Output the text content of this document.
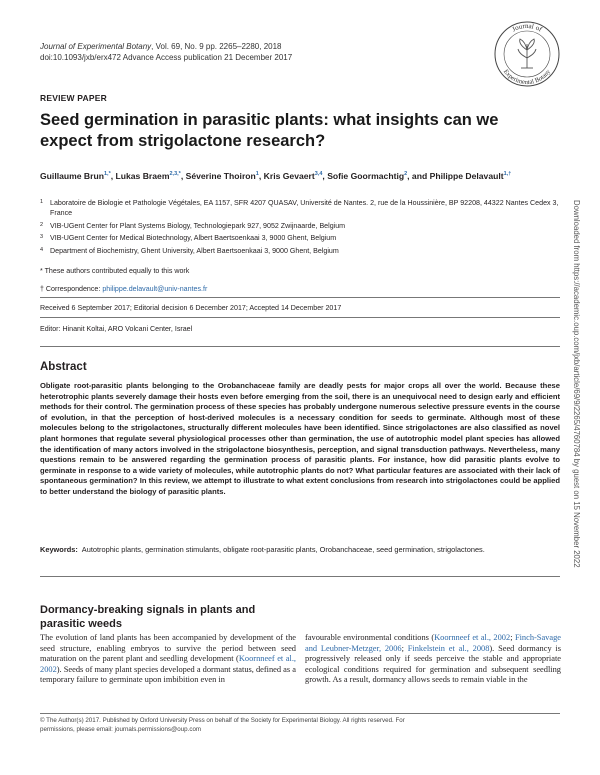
Journal of Experimental Botany, Vol. 69, No. 9 pp. 2265–2280, 2018
doi:10.1093/jxb/erx472 Advance Access publication 21 December 2017
Journal of
Experimental Botany
REVIEW PAPER
Seed germination in parasitic plants: what insights can we expect from strigolactone research?
Guillaume Brun$^{1,*}$, Lukas Braem$^{2,3,*}$, Séverine Thoiron$^1$, Kris Gevaert$^{3,4}$, Sofie Goormachtig$^2$, and Philippe Delavault$^{1,\dagger}$
1 Laboratoire de Biologie et Pathologie Végétales, EA 1157, SFR 4207 QUASAV, Université de Nantes. 2, rue de la Houssinière, BP 92208, 44322 Nantes Cedex 3, France
2 VIB-UGent Center for Plant Systems Biology, Technologiepark 927, 9052 Zwijnaarde, Belgium
3 VIB-UGent Center for Medical Biotechnology, Albert Baertsoenkaai 3, 9000 Ghent, Belgium
4 Department of Biochemistry, Ghent University, Albert Baertsoenkaai 3, 9000 Ghent, Belgium
* These authors contributed equally to this work
† Correspondence: philippe.delavault@univ-nantes.fr
Received 6 September 2017; Editorial decision 6 December 2017; Accepted 14 December 2017
Editor: Hinanit Koltai, ARO Volcani Center, Israel
Abstract
Obligate root-parasitic plants belonging to the Orobanchaceae family are deadly pests for major crops all over the world. Because these heterotrophic plants severely damage their hosts even before emerging from the soil, there is an unequivocal need to design early and efficient methods for their control. The germination process of these species has probably undergone numerous selective pressure events in the course of evolution, in that the perception of host-derived molecules is a necessary condition for seeds to germinate. Although most of these molecules belong to the strigolactones, structurally different molecules have been identified. Since strigolactones are also classified as novel plant hormones that regulate several physiological processes other than germination, the use of autotrophic model plant species has allowed the identification of many actors involved in the strigolactone biosynthesis, perception, and signal transduction pathways. Nevertheless, many questions remain to be answered regarding the germination process of parasitic plants. For instance, how did parasitic plants evolve to germinate in response to a wide variety of molecules, while autotrophic plants do not? What particular features are associated with their lack of spontaneous germination? In this review, we attempt to illustrate to what extent conclusions from research into strigolactones could be applied to better understand the biology of parasitic plants.
Keywords: Autotrophic plants, germination stimulants, obligate root-parasitic plants, Orobanchaceae, seed germination, strigolactones.
Dormancy-breaking signals in plants and parasitic weeds
The evolution of land plants has been accompanied by development of the seed structure, enabling embryos to survive the period between seed maturation on the parent plant and seedling development (Koornneef et al., 2002). Seeds of many plant species developed a dormant status, defined as a temporary failure to germinate upon imbibition even in
favourable environmental conditions (Koornneef et al., 2002; Finch-Savage and Leubner-Metzger, 2006; Finkelstein et al., 2008). Seed dormancy is progressively released only if seeds perceive the stable and appropriate ecological conditions required for germination and subsequent seedling growth. As a result, dormancy allows seeds to remain viable in the
© The Author(s) 2017. Published by Oxford University Press on behalf of the Society for Experimental Biology. All rights reserved. For permissions, please email: journals.permissions@oup.com
Downloaded from https://academic.oup.com/jxb/article/69/9/2265/4760784 by guest on 15 November 2022
